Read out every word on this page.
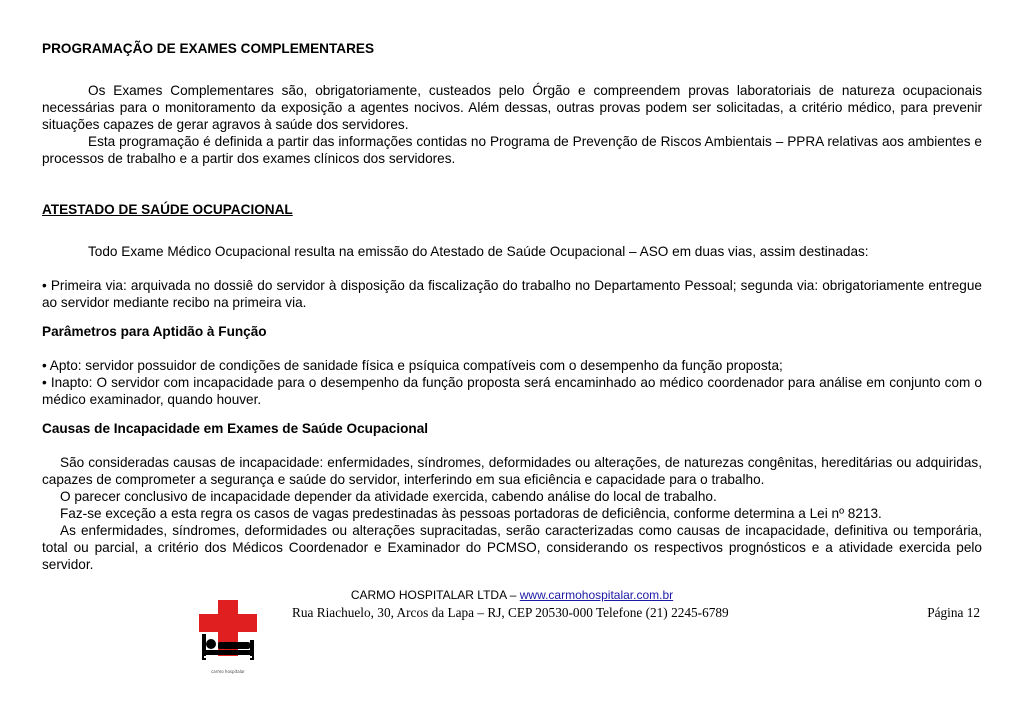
PROGRAMAÇÃO DE EXAMES COMPLEMENTARES

Os Exames Complementares são, obrigatoriamente, custeados pelo Órgão e compreendem provas laboratoriais de natureza ocupacionais necessárias para o monitoramento da exposição a agentes nocivos. Além dessas, outras provas podem ser solicitadas, a critério médico, para prevenir situações capazes de gerar agravos à saúde dos servidores.

Esta programação é definida a partir das informações contidas no Programa de Prevenção de Riscos Ambientais – PPRA relativas aos ambientes e processos de trabalho e a partir dos exames clínicos dos servidores.

ATESTADO DE SAÚDE OCUPACIONAL

Todo Exame Médico Ocupacional resulta na emissão do Atestado de Saúde Ocupacional – ASO em duas vias, assim destinadas:

• Primeira via: arquivada no dossiê do servidor à disposição da fiscalização do trabalho no Departamento Pessoal; segunda via: obrigatoriamente entregue ao servidor mediante recibo na primeira via.

Parâmetros para Aptidão à Função

• Apto: servidor possuidor de condições de sanidade física e psíquica compatíveis com o desempenho da função proposta;

• Inapto: O servidor com incapacidade para o desempenho da função proposta será encaminhado ao médico coordenador para análise em conjunto com o médico examinador, quando houver.

Causas de Incapacidade em Exames de Saúde Ocupacional

São consideradas causas de incapacidade: enfermidades, síndromes, deformidades ou alterações, de naturezas congênitas, hereditárias ou adquiridas, capazes de comprometer a segurança e saúde do servidor, interferindo em sua eficiência e capacidade para o trabalho.

O parecer conclusivo de incapacidade depender da atividade exercida, cabendo análise do local de trabalho.

Faz-se exceção a esta regra os casos de vagas predestinadas às pessoas portadoras de deficiência, conforme determina a Lei nº 8213.

As enfermidades, síndromes, deformidades ou alterações supracitadas, serão caracterizadas como causas de incapacidade, definitiva ou temporária, total ou parcial, a critério dos Médicos Coordenador e Examinador do PCMSO, considerando os respectivos prognósticos e a atividade exercida pelo servidor.

CARMO HOSPITALAR LTDA – www.carmohospitalar.com.br
carmo hospitalar
Rua Riachuelo, 30, Arcos da Lapa – RJ, CEP 20530-000 Telefone (21) 2245-6789	Página 12
